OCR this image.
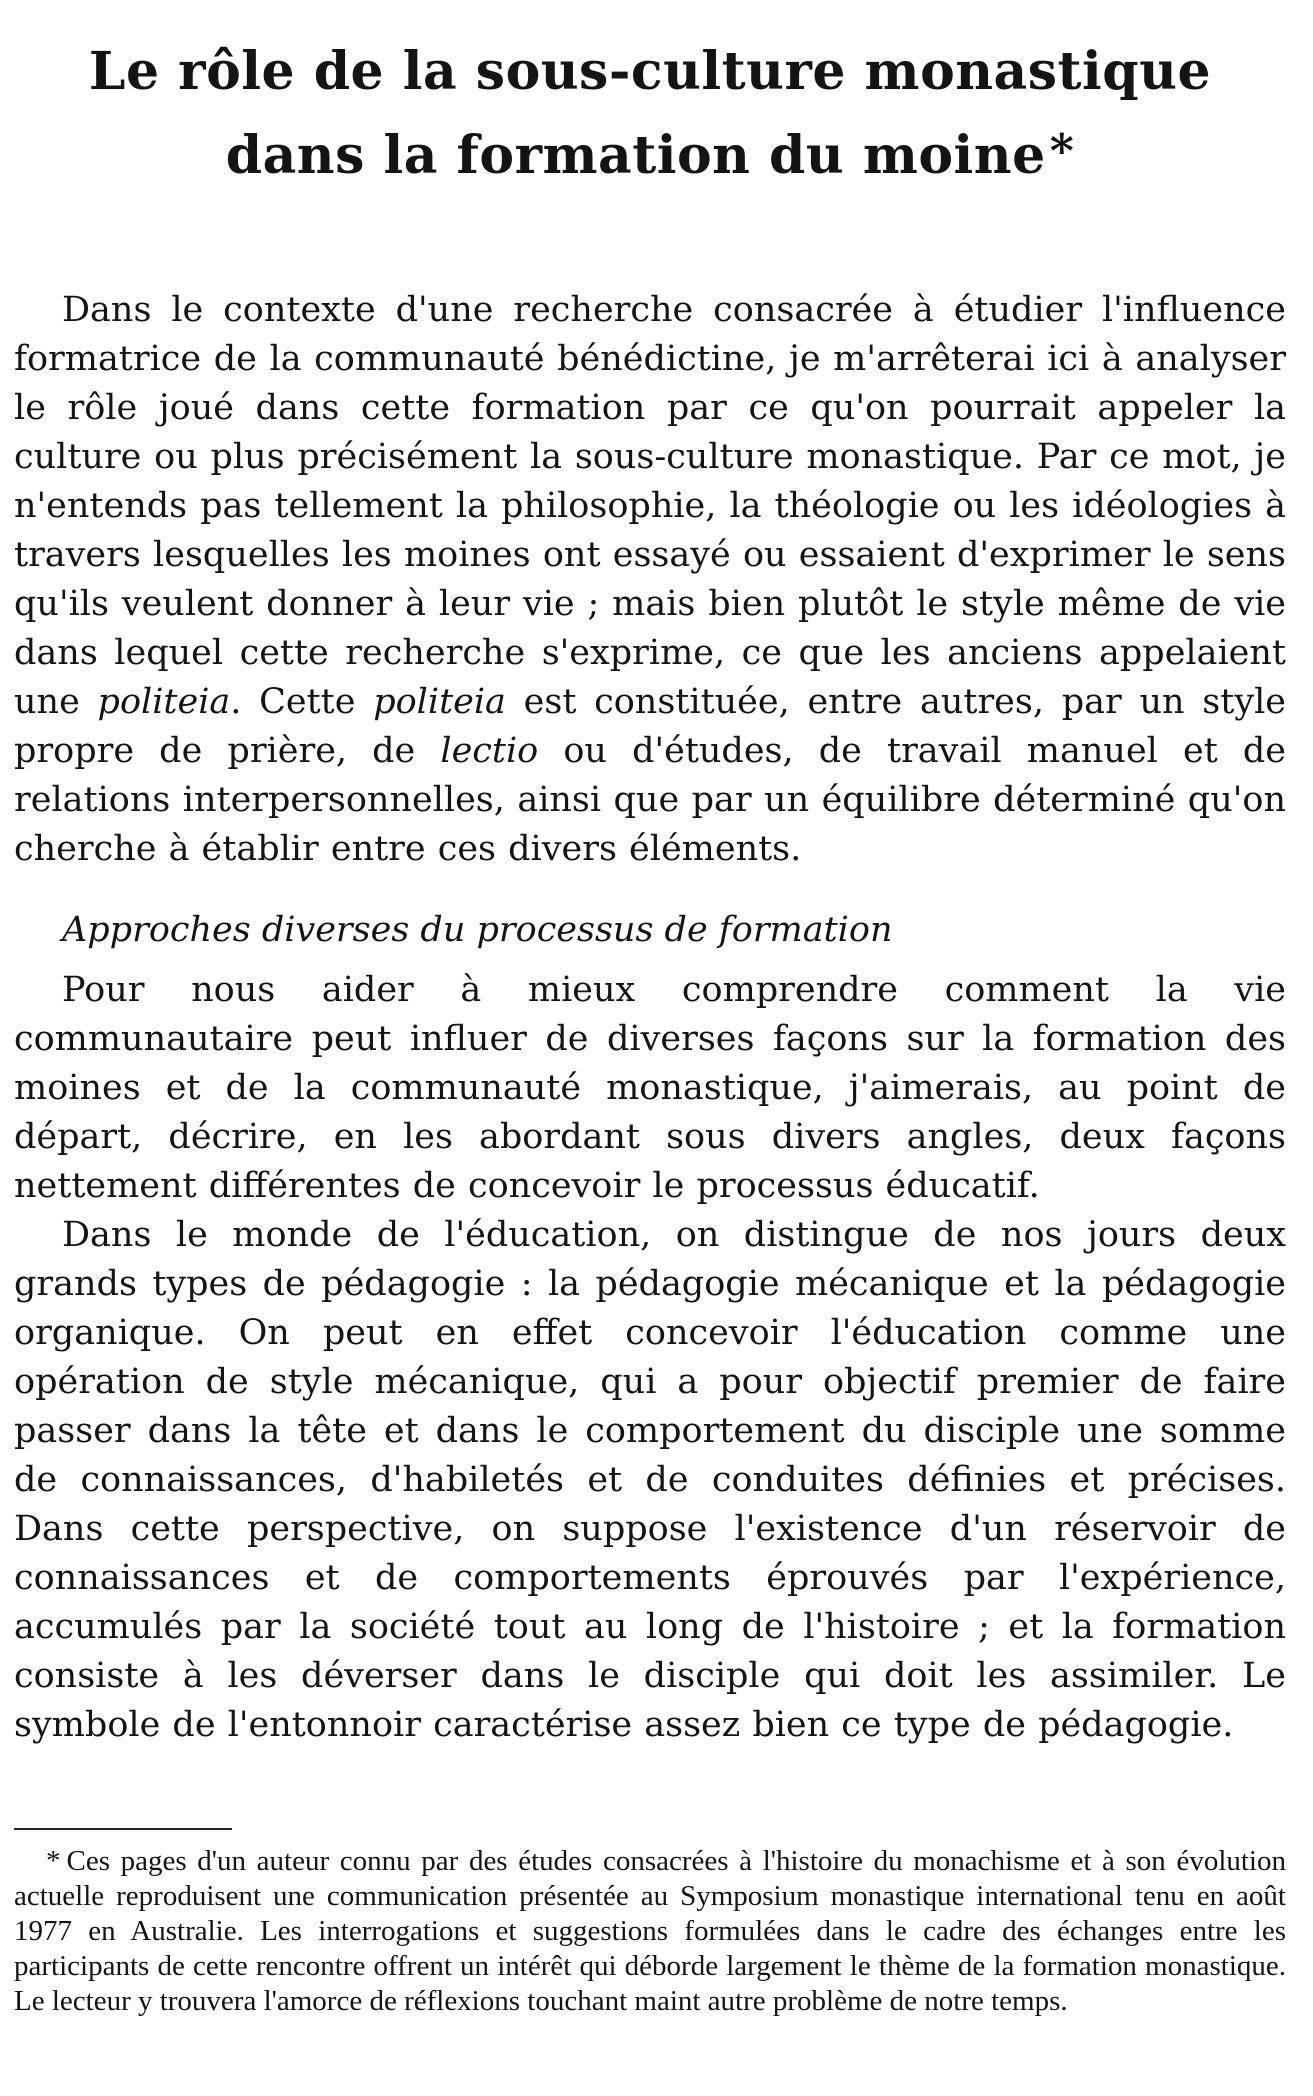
Le rôle de la sous-culture monastique
dans la formation du moine*

Dans le contexte d'une recherche consacrée à étudier l'influence formatrice de la communauté bénédictine, je m'arrêterai ici à analyser le rôle joué dans cette formation par ce qu'on pourrait appeler la culture ou plus précisément la sous-culture monastique. Par ce mot, je n'entends pas tellement la philosophie, la théologie ou les idéologies à travers lesquelles les moines ont essayé ou essaient d'exprimer le sens qu'ils veulent donner à leur vie ; mais bien plutôt le style même de vie dans lequel cette recherche s'exprime, ce que les anciens appelaient une politeia. Cette politeia est constituée, entre autres, par un style propre de prière, de lectio ou d'études, de travail manuel et de relations interpersonnelles, ainsi que par un équilibre déterminé qu'on cherche à établir entre ces divers éléments.

Approches diverses du processus de formation

Pour nous aider à mieux comprendre comment la vie communautaire peut influer de diverses façons sur la formation des moines et de la communauté monastique, j'aimerais, au point de départ, décrire, en les abordant sous divers angles, deux façons nettement différentes de concevoir le processus éducatif.

Dans le monde de l'éducation, on distingue de nos jours deux grands types de pédagogie : la pédagogie mécanique et la pédagogie organique. On peut en effet concevoir l'éducation comme une opération de style mécanique, qui a pour objectif premier de faire passer dans la tête et dans le comportement du disciple une somme de connaissances, d'habiletés et de conduites définies et précises. Dans cette perspective, on suppose l'existence d'un réservoir de connaissances et de comportements éprouvés par l'expérience, accumulés par la société tout au long de l'histoire ; et la formation consiste à les déverser dans le disciple qui doit les assimiler. Le symbole de l'entonnoir caractérise assez bien ce type de pédagogie.

* Ces pages d'un auteur connu par des études consacrées à l'histoire du monachisme et à son évolution actuelle reproduisent une communication présentée au Symposium monastique international tenu en août 1977 en Australie. Les interrogations et suggestions formulées dans le cadre des échanges entre les participants de cette rencontre offrent un intérêt qui déborde largement le thème de la formation monastique. Le lecteur y trouvera l'amorce de réflexions touchant maint autre problème de notre temps.
